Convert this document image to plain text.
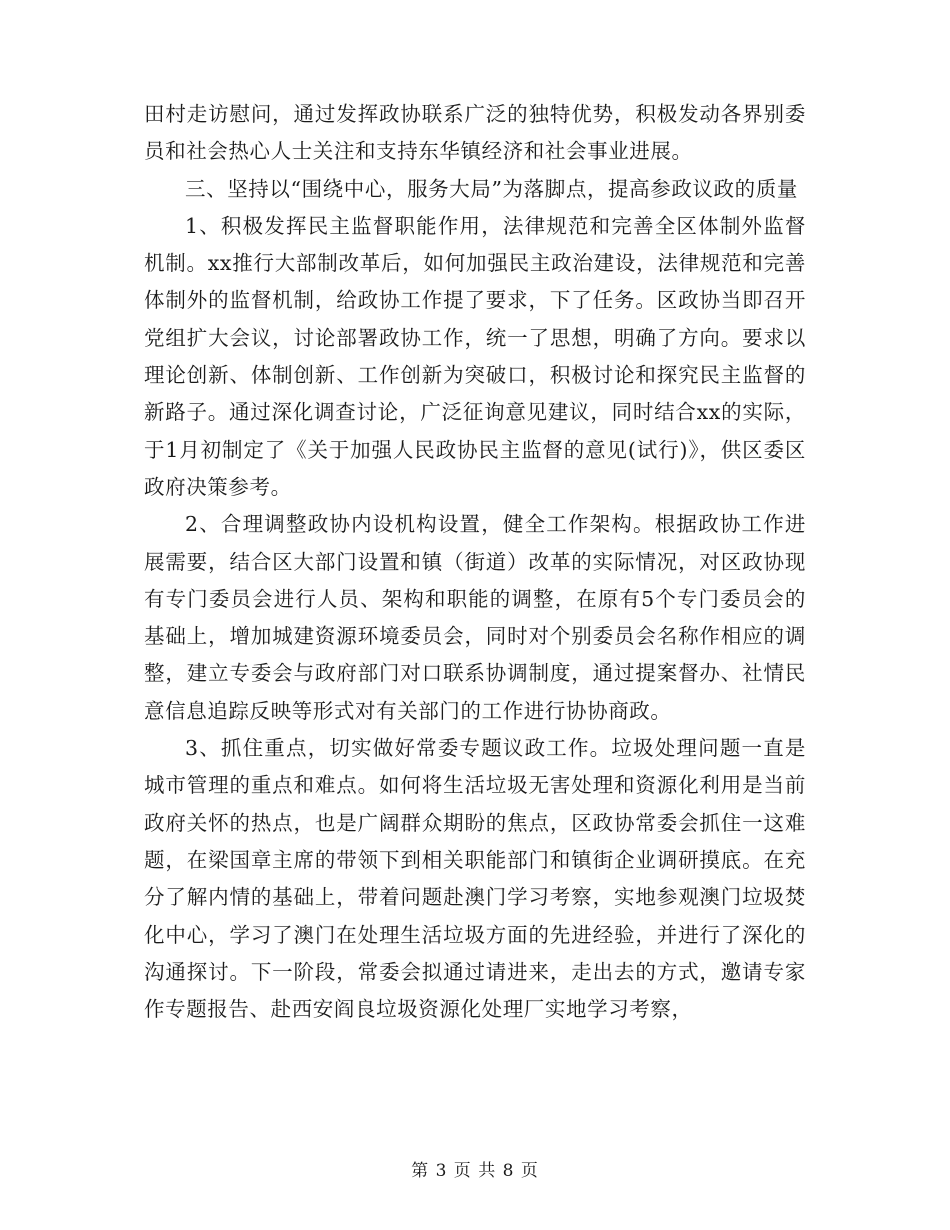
田村走访慰问，通过发挥政协联系广泛的独特优势，积极发动各界别委员和社会热心人士关注和支持东华镇经济和社会事业进展。

三、坚持以“围绕中心，服务大局”为落脚点，提高参政议政的质量

1、积极发挥民主监督职能作用，法律规范和完善全区体制外监督机制。xx推行大部制改革后，如何加强民主政治建设，法律规范和完善体制外的监督机制，给政协工作提了要求，下了任务。区政协当即召开党组扩大会议，讨论部署政协工作，统一了思想，明确了方向。要求以理论创新、体制创新、工作创新为突破口，积极讨论和探究民主监督的新路子。通过深化调查讨论，广泛征询意见建议，同时结合xx的实际，于1月初制定了《关于加强人民政协民主监督的意见(试行)》，供区委区政府决策参考。

2、合理调整政协内设机构设置，健全工作架构。根据政协工作进展需要，结合区大部门设置和镇（街道）改革的实际情况，对区政协现有专门委员会进行人员、架构和职能的调整，在原有5个专门委员会的基础上，增加城建资源环境委员会，同时对个别委员会名称作相应的调整，建立专委会与政府部门对口联系协调制度，通过提案督办、社情民意信息追踪反映等形式对有关部门的工作进行协协商政。

3、抓住重点，切实做好常委专题议政工作。垃圾处理问题一直是城市管理的重点和难点。如何将生活垃圾无害处理和资源化利用是当前政府关怀的热点，也是广阔群众期盼的焦点，区政协常委会抓住一这难题，在梁国章主席的带领下到相关职能部门和镇街企业调研摸底。在充分了解内情的基础上，带着问题赴澳门学习考察，实地参观澳门垃圾焚化中心，学习了澳门在处理生活垃圾方面的先进经验，并进行了深化的沟通探讨。下一阶段，常委会拟通过请进来，走出去的方式，邀请专家作专题报告、赴西安阎良垃圾资源化处理厂实地学习考察，

第 3 页 共 8 页
